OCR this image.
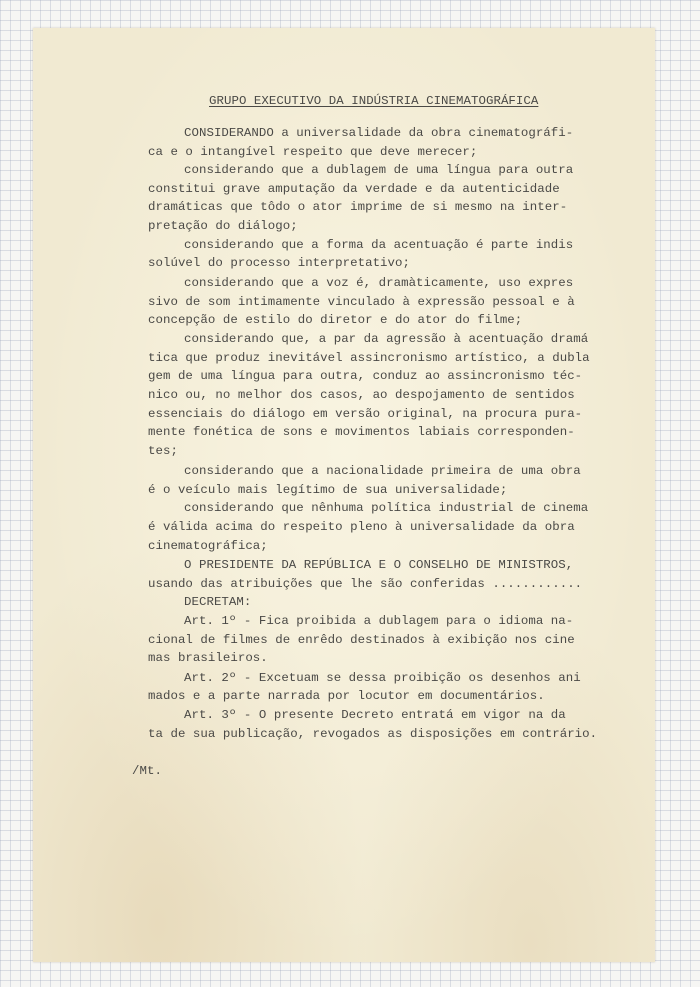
GRUPO EXECUTIVO DA INDÚSTRIA CINEMATOGRÁFICA

CONSIDERANDO a universalidade da obra cinematográfi-

ca e o intangível respeito que deve merecer;

considerando que a dublagem de uma língua para outra

constitui grave amputação da verdade e da autenticidade

dramáticas que tôdo o ator imprime de si mesmo na inter-

pretação do diálogo;

considerando que a forma da acentuação é parte indis

solúvel do processo interpretativo;

considerando que a voz é, dramàticamente, uso expres

sivo de som intimamente vinculado à expressão pessoal e à

concepção de estilo do diretor e do ator do filme;

considerando que, a par da agressão à acentuação dramá

tica que produz inevitável assincronismo artístico, a dubla

gem de uma língua para outra, conduz ao assincronismo téc-

nico ou, no melhor dos casos, ao despojamento de sentidos

essenciais do diálogo em versão original, na procura pura-

mente fonética de sons e movimentos labiais corresponden-

tes;

considerando que a nacionalidade primeira de uma obra

é o veículo mais legítimo de sua universalidade;

considerando que nênhuma política industrial de cinema

é válida acima do respeito pleno à universalidade da obra

cinematográfica;

O PRESIDENTE DA REPÚBLICA E O CONSELHO DE MINISTROS,

usando das atribuições que lhe são conferidas ............

DECRETAM:

Art. 1º - Fica proibida a dublagem para o idioma na-

cional de filmes de enrêdo destinados à exibição nos cine

mas brasileiros.

Art. 2º - Excetuam se dessa proibição os desenhos ani

mados e a parte narrada por locutor em documentários.

Art. 3º - O presente Decreto entratá em vigor na da

ta de sua publicação, revogados as disposições em contrário.

/Mt.
